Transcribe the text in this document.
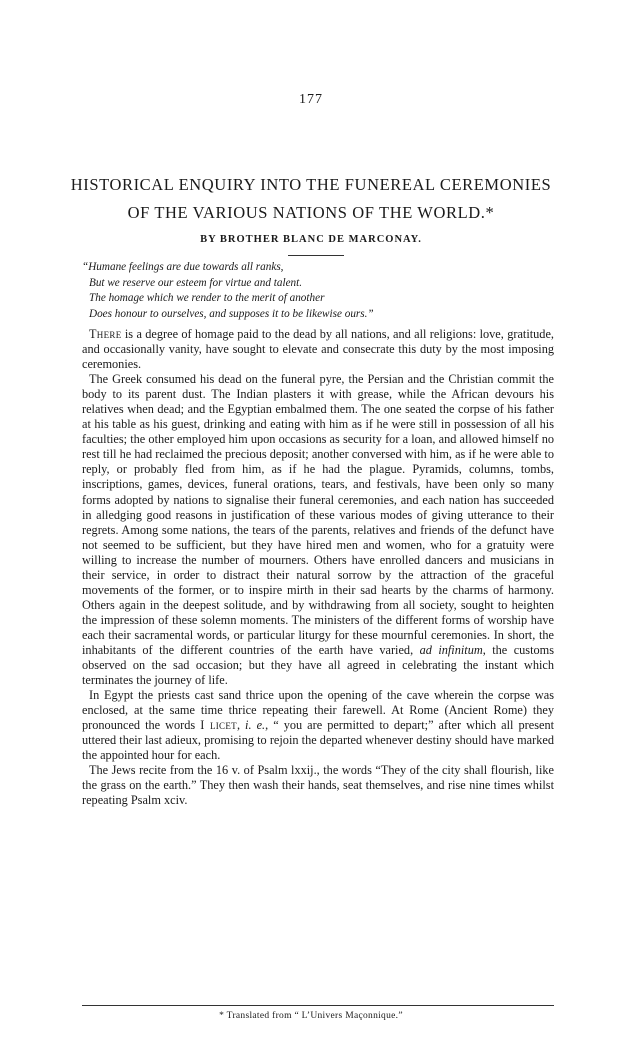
177
HISTORICAL ENQUIRY INTO THE FUNEREAL CEREMONIES
OF THE VARIOUS NATIONS OF THE WORLD.*
BY BROTHER BLANC DE MARCONAY.
“Humane feelings are due towards all ranks,
But we reserve our esteem for virtue and talent.
The homage which we render to the merit of another
Does honour to ourselves, and supposes it to be likewise ours.”

There is a degree of homage paid to the dead by all nations, and all religions: love, gratitude, and occasionally vanity, have sought to elevate and consecrate this duty by the most imposing ceremonies.

The Greek consumed his dead on the funeral pyre, the Persian and the Christian commit the body to its parent dust. The Indian plasters it with grease, while the African devours his relatives when dead; and the Egyptian embalmed them. The one seated the corpse of his father at his table as his guest, drinking and eating with him as if he were still in possession of all his faculties; the other employed him upon occasions as security for a loan, and allowed himself no rest till he had reclaimed the precious deposit; another conversed with him, as if he were able to reply, or probably fled from him, as if he had the plague. Pyramids, columns, tombs, inscriptions, games, devices, funeral orations, tears, and festivals, have been only so many forms adopted by nations to signalise their funeral ceremonies, and each nation has succeeded in alledging good reasons in justification of these various modes of giving utterance to their regrets. Among some nations, the tears of the parents, relatives and friends of the defunct have not seemed to be sufficient, but they have hired men and women, who for a gratuity were willing to increase the number of mourners. Others have enrolled dancers and musicians in their service, in order to distract their natural sorrow by the attraction of the graceful movements of the former, or to inspire mirth in their sad hearts by the charms of harmony. Others again in the deepest solitude, and by withdrawing from all society, sought to heighten the impression of these solemn moments. The ministers of the different forms of worship have each their sacramental words, or particular liturgy for these mournful ceremonies. In short, the inhabitants of the different countries of the earth have varied, ad infinitum, the customs observed on the sad occasion; but they have all agreed in celebrating the instant which terminates the journey of life.

In Egypt the priests cast sand thrice upon the opening of the cave wherein the corpse was enclosed, at the same time thrice repeating their farewell. At Rome (Ancient Rome) they pronounced the words I licet, i. e., “ you are permitted to depart;” after which all present uttered their last adieux, promising to rejoin the departed whenever destiny should have marked the appointed hour for each.

The Jews recite from the 16 v. of Psalm lxxij., the words “They of the city shall flourish, like the grass on the earth.” They then wash their hands, seat themselves, and rise nine times whilst repeating Psalm xciv.

* Translated from “ L’Univers Maçonnique.”
